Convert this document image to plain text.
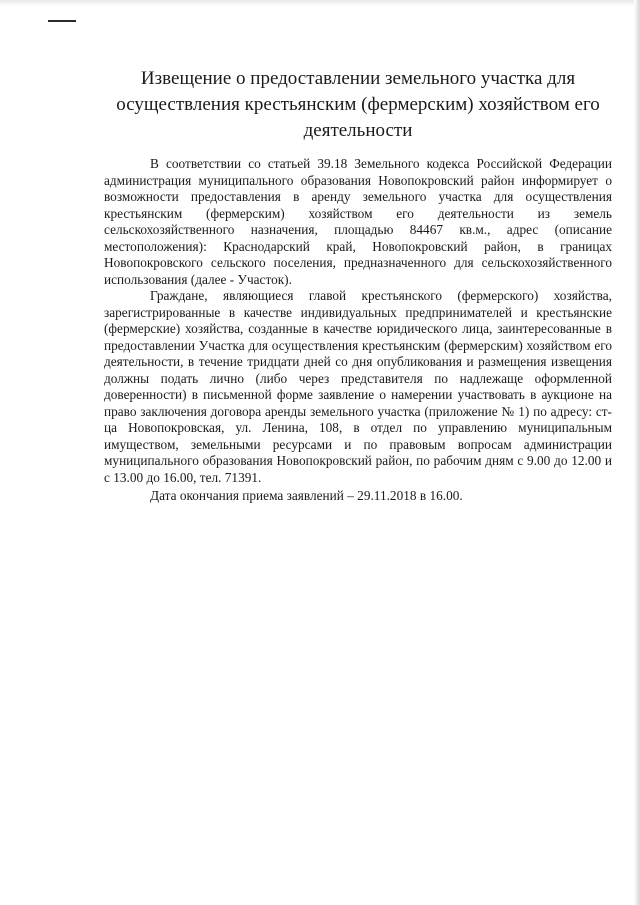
Извещение о предоставлении земельного участка для осуществления крестьянским (фермерским) хозяйством его деятельности

В соответствии со статьей 39.18 Земельного кодекса Российской Федерации администрация муниципального образования Новопокровский район информирует о возможности предоставления в аренду земельного участка для осуществления крестьянским (фермерским) хозяйством его деятельности из земель сельскохозяйственного назначения, площадью 84467 кв.м., адрес (описание местоположения): Краснодарский край, Новопокровский район, в границах Новопокровского сельского поселения, предназначенного для сельскохозяйственного использования (далее - Участок).

Граждане, являющиеся главой крестьянского (фермерского) хозяйства, зарегистрированные в качестве индивидуальных предпринимателей и крестьянские (фермерские) хозяйства, созданные в качестве юридического лица, заинтересованные в предоставлении Участка для осуществления крестьянским (фермерским) хозяйством его деятельности, в течение тридцати дней со дня опубликования и размещения извещения должны подать лично (либо через представителя по надлежаще оформленной доверенности) в письменной форме заявление о намерении участвовать в аукционе на право заключения договора аренды земельного участка (приложение № 1) по адресу: ст-ца Новопокровская, ул. Ленина, 108, в отдел по управлению муниципальным имуществом, земельными ресурсами и по правовым вопросам администрации муниципального образования Новопокровский район, по рабочим дням с 9.00 до 12.00 и с 13.00 до 16.00, тел. 71391.

Дата окончания приема заявлений – 29.11.2018 в 16.00.
